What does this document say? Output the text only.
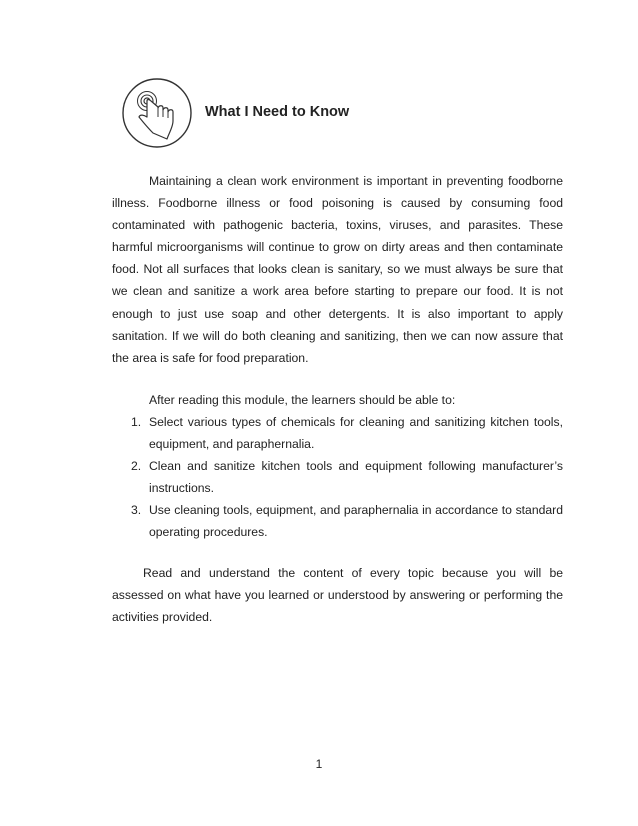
What I Need to Know

Maintaining a clean work environment is important in preventing foodborne illness. Foodborne illness or food poisoning is caused by consuming food contaminated with pathogenic bacteria, toxins, viruses, and parasites. These harmful microorganisms will continue to grow on dirty areas and then contaminate food. Not all surfaces that looks clean is sanitary, so we must always be sure that we clean and sanitize a work area before starting to prepare our food. It is not enough to just use soap and other detergents. It is also important to apply sanitation. If we will do both cleaning and sanitizing, then we can now assure that the area is safe for food preparation.

After reading this module, the learners should be able to:

1. Select various types of chemicals for cleaning and sanitizing kitchen tools, equipment, and paraphernalia.
2. Clean and sanitize kitchen tools and equipment following manufacturer’s instructions.
3. Use cleaning tools, equipment, and paraphernalia in accordance to standard operating procedures.

Read and understand the content of every topic because you will be assessed on what have you learned or understood by answering or performing the activities provided.

1
